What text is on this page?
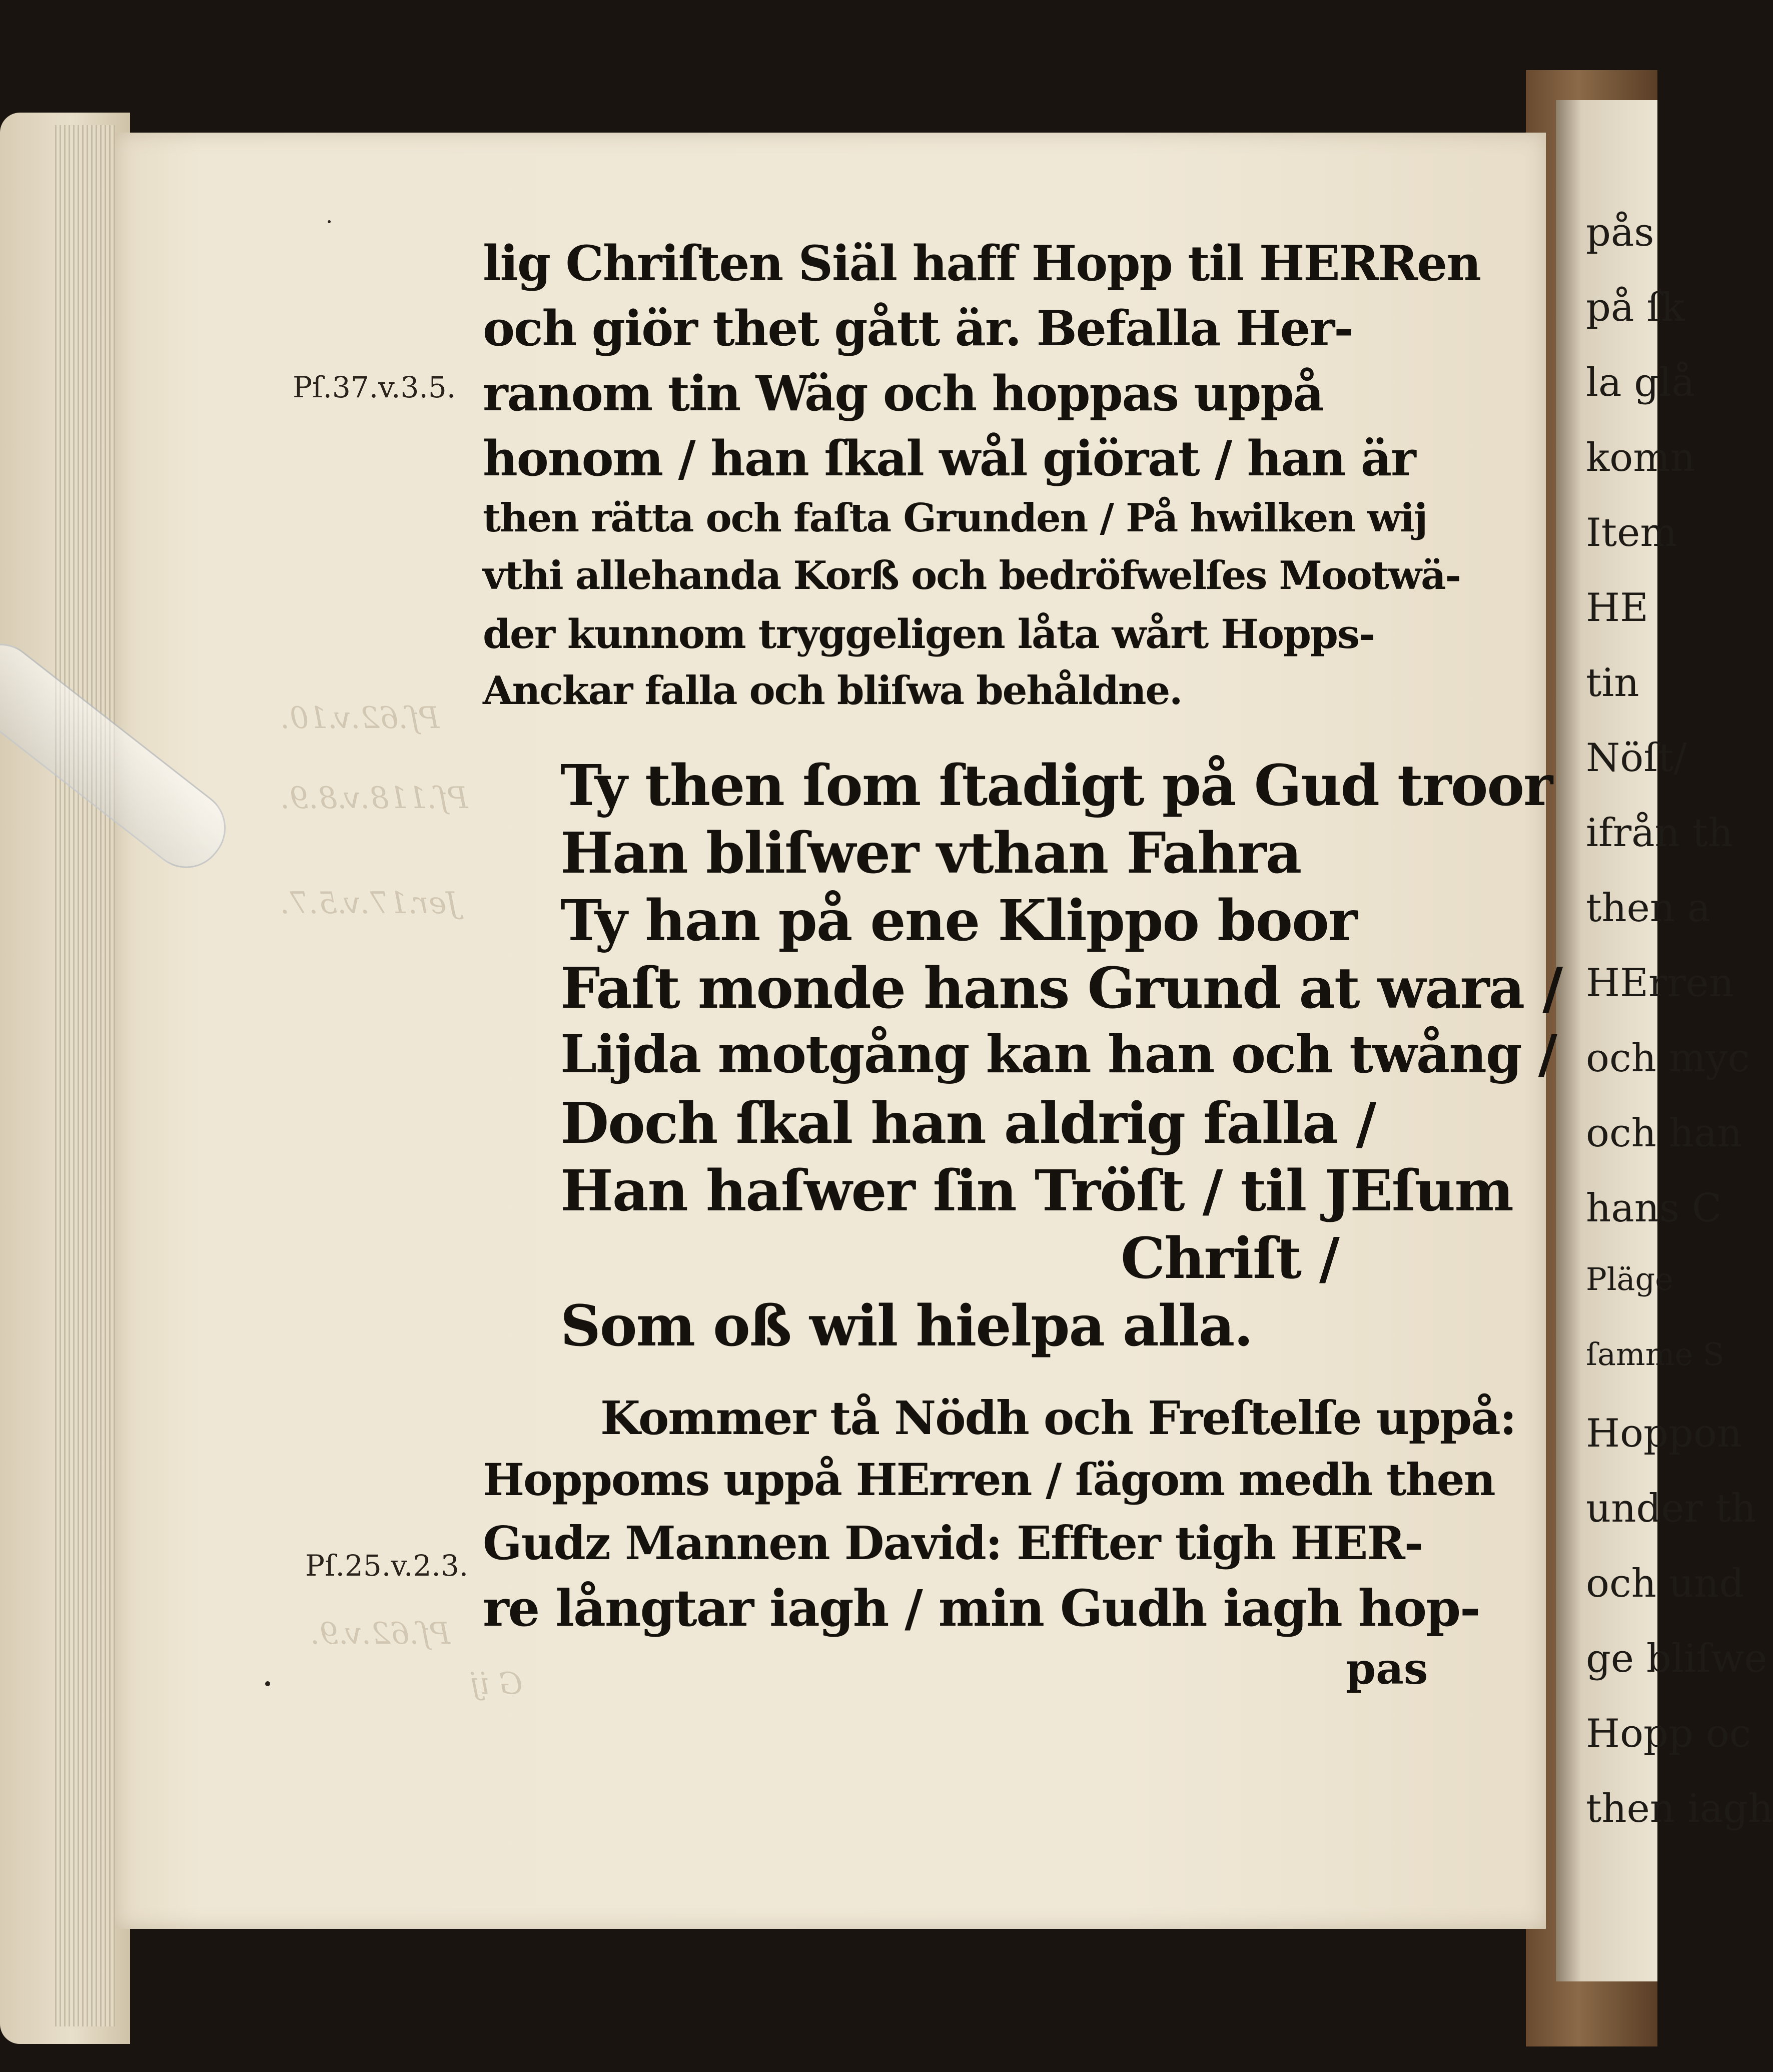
pås
på ſk
la glå
komn
Item
HE
tin
Nöſt/
ifrån th
then a
HErren
och myc
och han
hans C
Pläge
ſamme S
Hoppon
under th
och und
ge bliſwe
Hopp oc
then iagh
Pſ.62.v.10.
Pſ.118.v.8.9.
Jer.17.v.5.7.
Pſ.62.v.9.
G ij
Pſ.37.v.3.5.
Pſ.25.v.2.3.
lig Chriſten Siäl haff Hopp til HERRen
och giör thet gått är. Befalla Her-
ranom tin Wäg och hoppas uppå
honom / han ſkal wål giörat / han är
then rätta och faſta Grunden / På hwilken wij
vthi allehanda Korß och bedröfwelſes Mootwä-
der kunnom tryggeligen låta wårt Hopps-
Anckar falla och bliſwa behåldne.
Ty then ſom ſtadigt på Gud troor
Han bliſwer vthan Fahra
Ty han på ene Klippo boor
Faſt monde hans Grund at wara /
Lijda motgång kan han och twång /
Doch ſkal han aldrig falla /
Han haſwer ſin Tröſt / til JEſum
Chriſt /
Som oß wil hielpa alla.
Kommer tå Nödh och Freſtelſe uppå:
Hoppoms uppå HErren / ſägom medh then
Gudz Mannen David: Effter tigh HER-
re långtar iagh / min Gudh iagh hop-
pas
